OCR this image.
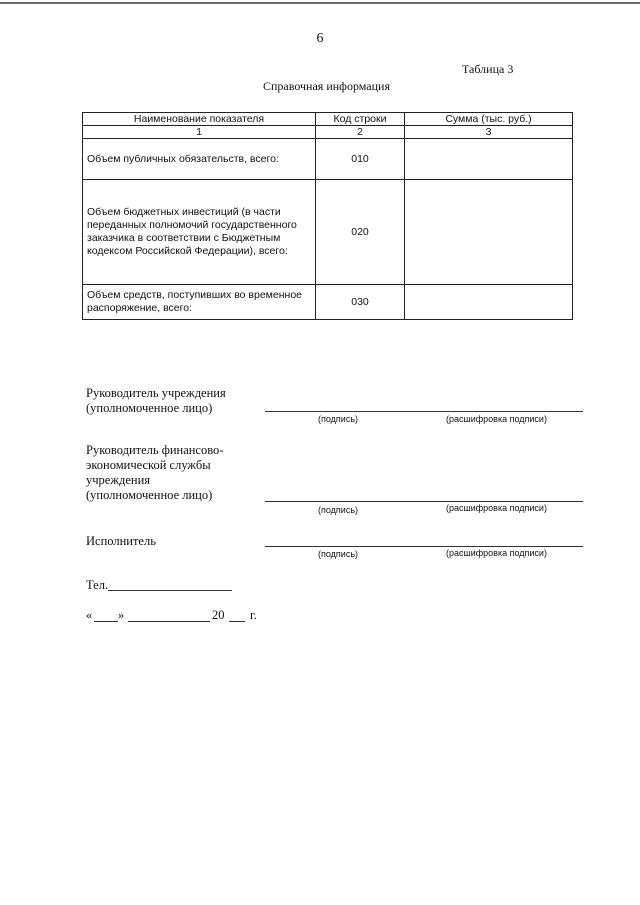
6
Таблица 3
Справочная информация
Наименование показателя	Код строки	Сумма (тыс. руб.)
1	2	3
Объем публичных обязательств, всего:	010	
Объем бюджетных инвестиций (в части переданных полномочий государственного заказчика в соответствии с Бюджетным кодексом Российской Федерации), всего:	020	
Объем средств, поступивших во временное распоряжение, всего:	030	
Руководитель учреждения (уполномоченное лицо)
(подпись)	(расшифровка подписи)
Руководитель финансово-экономической службы учреждения (уполномоченное лицо)
(подпись)	(расшифровка подписи)
Исполнитель
(подпись)	(расшифровка подписи)
Тел.
« »	20 г.
